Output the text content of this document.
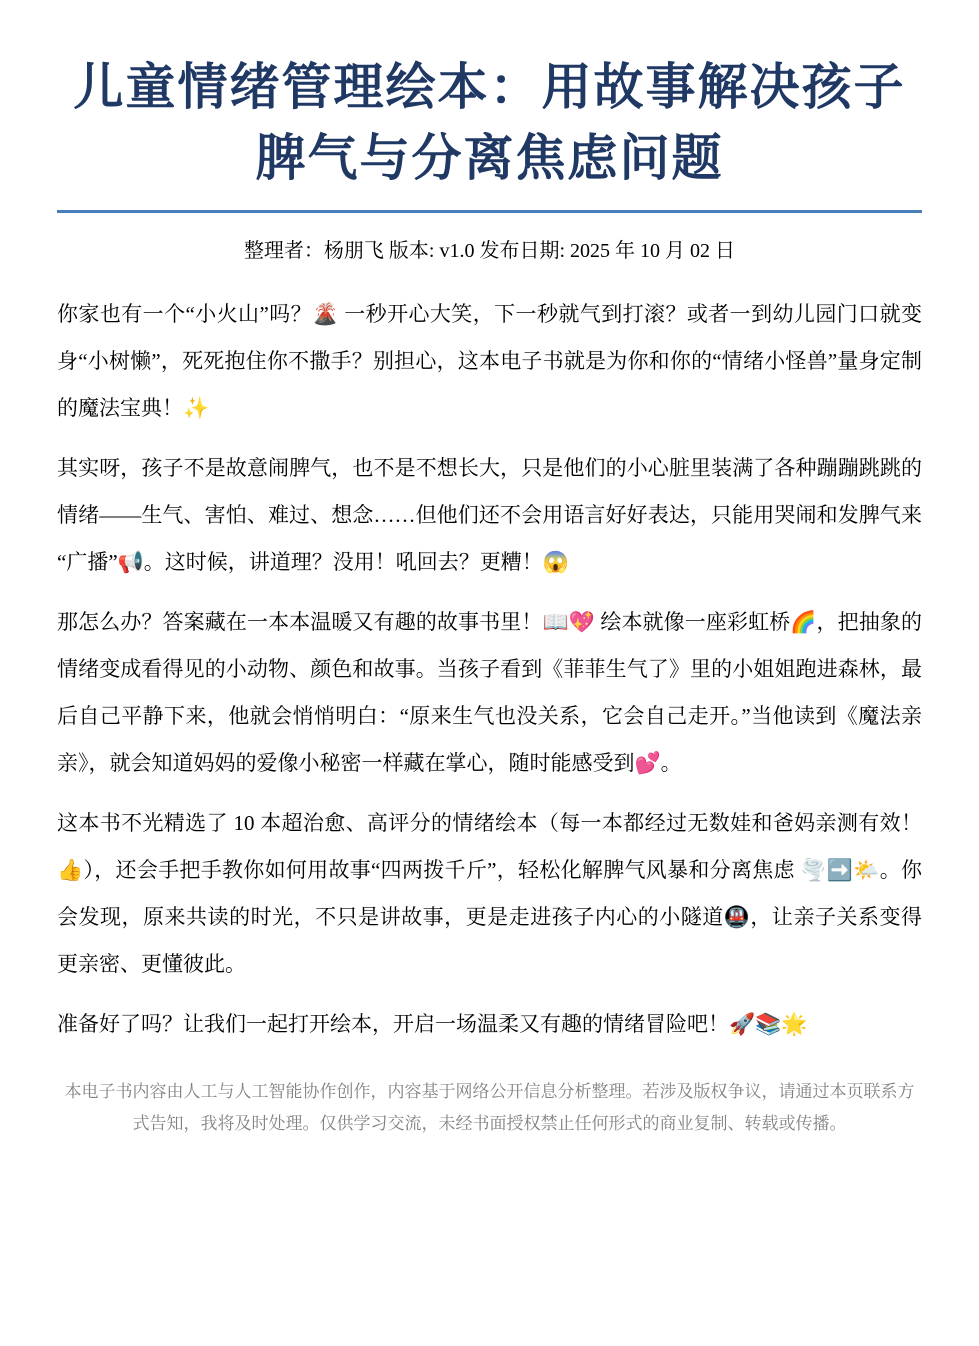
儿童情绪管理绘本：用故事解决孩子脾气与分离焦虑问题

整理者：杨朋飞 版本: v1.0 发布日期: 2025 年 10 月 02 日

你家也有一个“小火山”吗？🌋 一秒开心大笑，下一秒就气到打滚？或者一到幼儿园门口就变身“小树懒”，死死抱住你不撒手？别担心，这本电子书就是为你和你的“情绪小怪兽”量身定制的魔法宝典！✨

其实呀，孩子不是故意闹脾气，也不是不想长大，只是他们的小心脏里装满了各种蹦蹦跳跳的情绪——生气、害怕、难过、想念……但他们还不会用语言好好表达，只能用哭闹和发脾气来“广播”📢。这时候，讲道理？没用！吼回去？更糟！😱

那怎么办？答案藏在一本本温暖又有趣的故事书里！📖💖 绘本就像一座彩虹桥🌈，把抽象的情绪变成看得见的小动物、颜色和故事。当孩子看到《菲菲生气了》里的小姐姐跑进森林，最后自己平静下来，他就会悄悄明白：“原来生气也没关系，它会自己走开。”当他读到《魔法亲亲》，就会知道妈妈的爱像小秘密一样藏在掌心，随时能感受到💕。

这本书不光精选了 10 本超治愈、高评分的情绪绘本（每一本都经过无数娃和爸妈亲测有效！👍），还会手把手教你如何用故事“四两拨千斤”，轻松化解脾气风暴和分离焦虑 🌪️➡️🌤️。你会发现，原来共读的时光，不只是讲故事，更是走进孩子内心的小隧道🚇，让亲子关系变得更亲密、更懂彼此。

准备好了吗？让我们一起打开绘本，开启一场温柔又有趣的情绪冒险吧！🚀📚🌟

本电子书内容由人工与人工智能协作创作，内容基于网络公开信息分析整理。若涉及版权争议，请通过本页联系方式告知，我将及时处理。仅供学习交流，未经书面授权禁止任何形式的商业复制、转载或传播。
